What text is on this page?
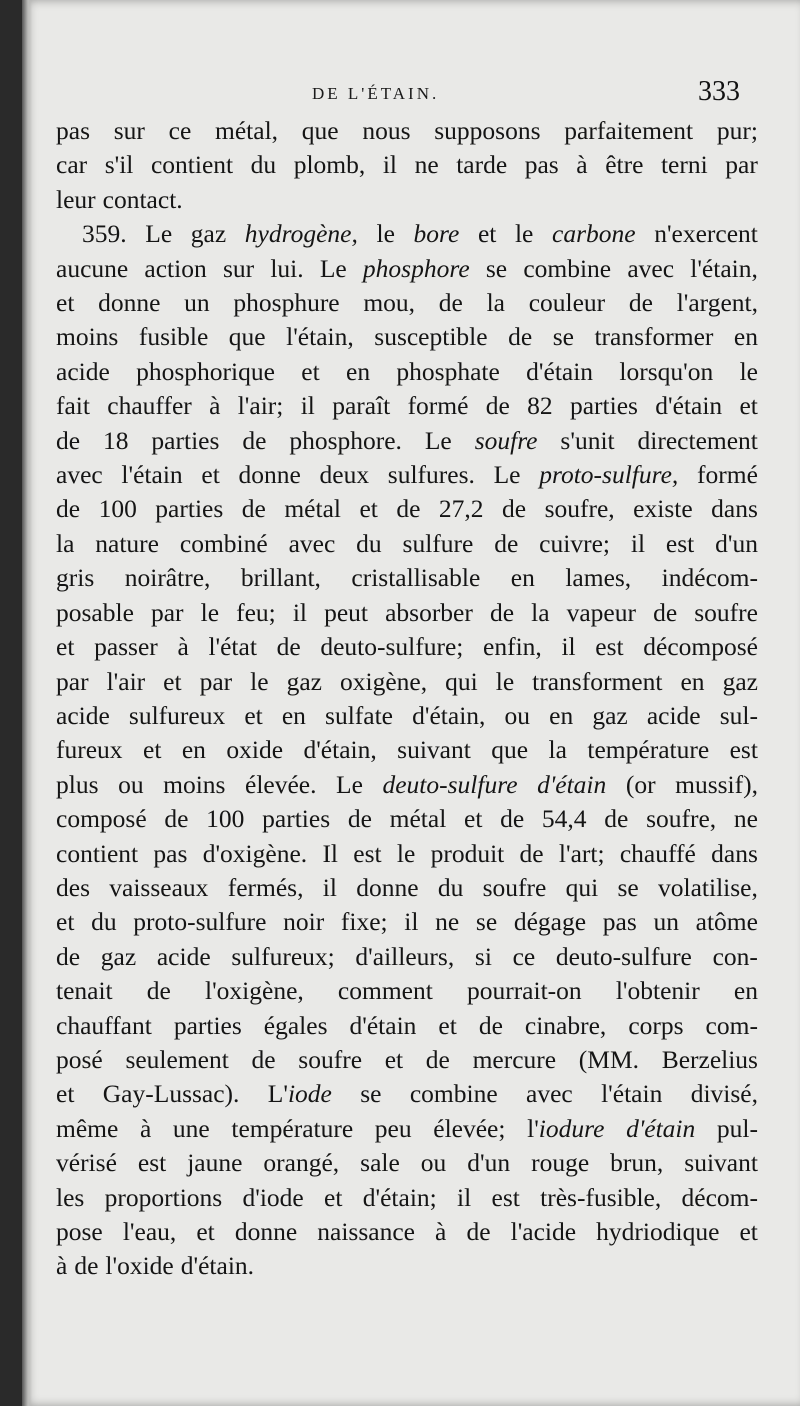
DE L'ÉTAIN.	333
pas sur ce métal, que nous supposons parfaitement pur;
car s'il contient du plomb, il ne tarde pas à être terni par
leur contact.
359. Le gaz hydrogène, le bore et le carbone n'exercent
aucune action sur lui. Le phosphore se combine avec l'étain,
et donne un phosphure mou, de la couleur de l'argent,
moins fusible que l'étain, susceptible de se transformer en
acide phosphorique et en phosphate d'étain lorsqu'on le
fait chauffer à l'air; il paraît formé de 82 parties d'étain et
de 18 parties de phosphore. Le soufre s'unit directement
avec l'étain et donne deux sulfures. Le proto-sulfure, formé
de 100 parties de métal et de 27,2 de soufre, existe dans
la nature combiné avec du sulfure de cuivre; il est d'un
gris noirâtre, brillant, cristallisable en lames, indécom-
posable par le feu; il peut absorber de la vapeur de soufre
et passer à l'état de deuto-sulfure; enfin, il est décomposé
par l'air et par le gaz oxigène, qui le transforment en gaz
acide sulfureux et en sulfate d'étain, ou en gaz acide sul-
fureux et en oxide d'étain, suivant que la température est
plus ou moins élevée. Le deuto-sulfure d'étain (or mussif),
composé de 100 parties de métal et de 54,4 de soufre, ne
contient pas d'oxigène. Il est le produit de l'art; chauffé dans
des vaisseaux fermés, il donne du soufre qui se volatilise,
et du proto-sulfure noir fixe; il ne se dégage pas un atôme
de gaz acide sulfureux; d'ailleurs, si ce deuto-sulfure con-
tenait de l'oxigène, comment pourrait-on l'obtenir en
chauffant parties égales d'étain et de cinabre, corps com-
posé seulement de soufre et de mercure (MM. Berzelius
et Gay-Lussac). L'iode se combine avec l'étain divisé,
même à une température peu élevée; l'iodure d'étain pul-
vérisé est jaune orangé, sale ou d'un rouge brun, suivant
les proportions d'iode et d'étain; il est très-fusible, décom-
pose l'eau, et donne naissance à de l'acide hydriodique et
à de l'oxide d'étain.
